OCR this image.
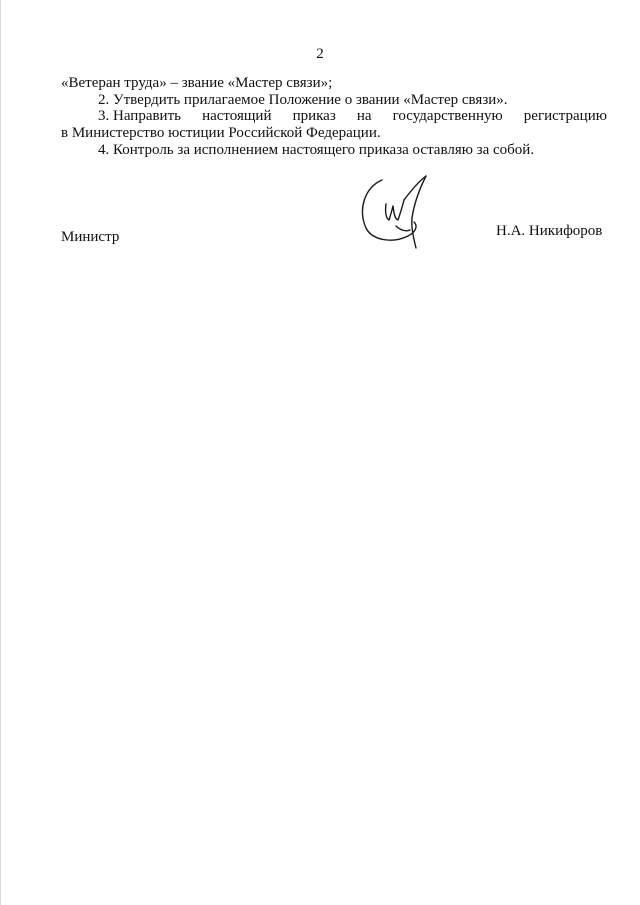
2
«Ветеран труда» – звание «Мастер связи»;
2. Утвердить прилагаемое Положение о звании «Мастер связи».
3. Направить настоящий приказ на государственную регистрацию
в Министерство юстиции Российской Федерации.
4. Контроль за исполнением настоящего приказа оставляю за собой.
Министр	Н.А. Никифоров
